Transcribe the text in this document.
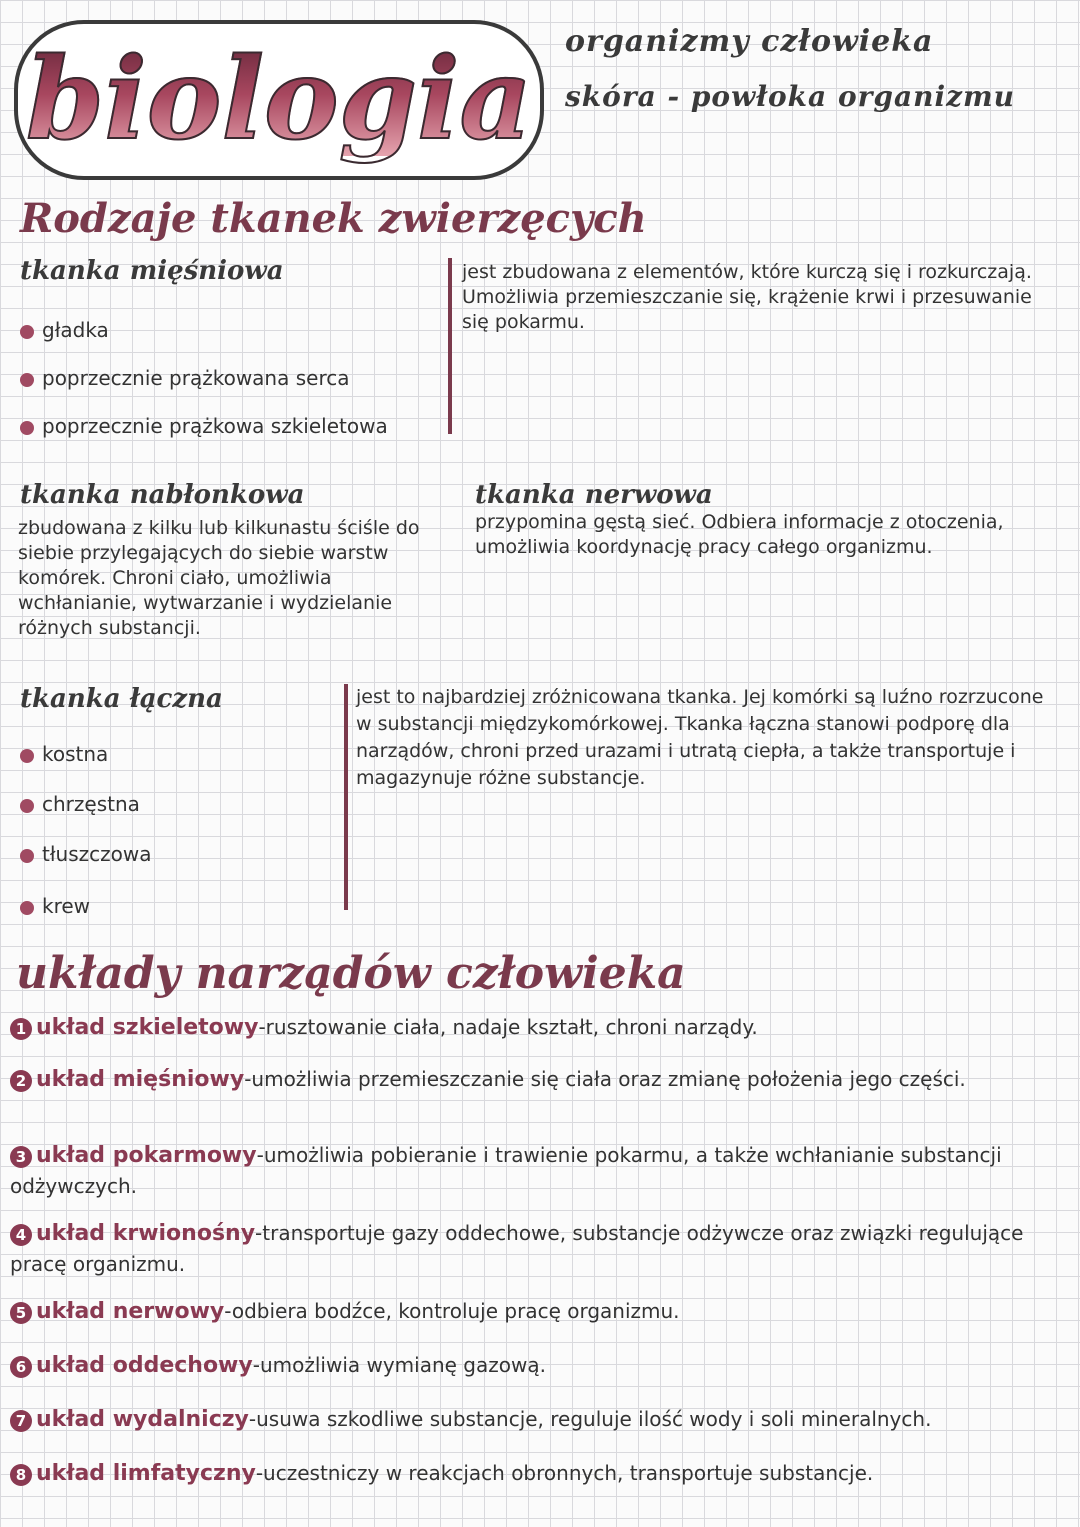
biologia organizmy człowieka
skóra - powłoka organizmu
Rodzaje tkanek zwierzęcych
tkanka mięśniowa
gładka
poprzecznie prążkowana serca
poprzecznie prążkowa szkieletowa
jest zbudowana z elementów, które kurczą się i rozkurczają. Umożliwia przemieszczanie się, krążenie krwi i przesuwanie się pokarmu.
tkanka nabłonkowa
zbudowana z kilku lub kilkunastu ściśle do siebie przylegających do siebie warstw komórek. Chroni ciało, umożliwia wchłanianie, wytwarzanie i wydzielanie różnych substancji.
tkanka nerwowa
przypomina gęstą sieć. Odbiera informacje z otoczenia, umożliwia koordynację pracy całego organizmu.
tkanka łączna
kostna
chrzęstna
tłuszczowa
krew
jest to najbardziej zróżnicowana tkanka. Jej komórki są luźno rozrzucone w substancji międzykomórkowej. Tkanka łączna stanowi podporę dla narządów, chroni przed urazami i utratą ciepła, a także transportuje i magazynuje różne substancje.
układy narządów człowieka
1 układ szkieletowy-rusztowanie ciała, nadaje kształt, chroni narządy.
2 układ mięśniowy-umożliwia przemieszczanie się ciała oraz zmianę położenia jego części.
3 układ pokarmowy-umożliwia pobieranie i trawienie pokarmu, a także wchłanianie substancji odżywczych.
4 układ krwionośny-transportuje gazy oddechowe, substancje odżywcze oraz związki regulujące pracę organizmu.
5 układ nerwowy-odbiera bodźce, kontroluje pracę organizmu.
6 układ oddechowy-umożliwia wymianę gazową.
7 układ wydalniczy-usuwa szkodliwe substancje, reguluje ilość wody i soli mineralnych.
8 układ limfatyczny-uczestniczy w reakcjach obronnych, transportuje substancje.
